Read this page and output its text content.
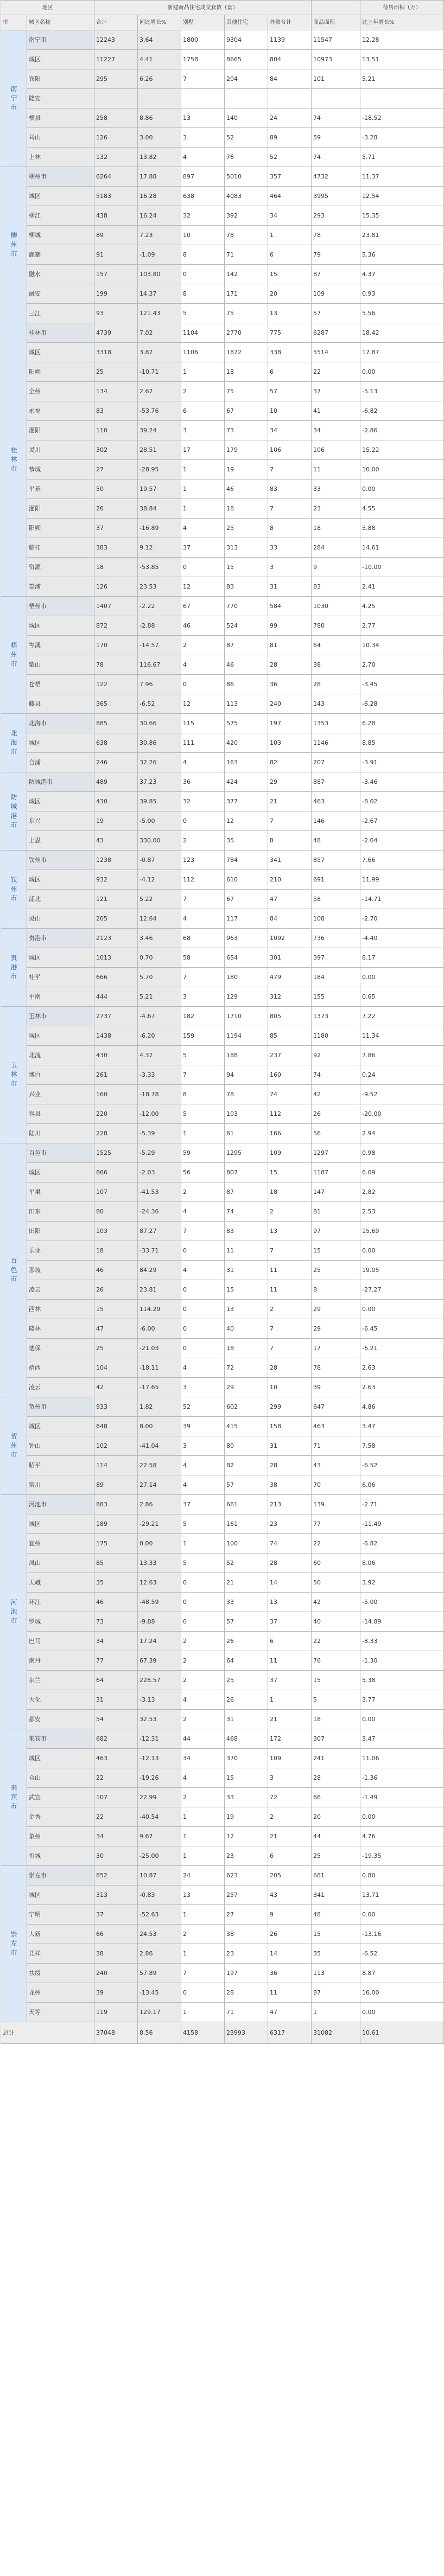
地区		新建商品住宅成交套数（套）						待售面积（万）
市	城区名称	合计	同比增长%	别墅	其他住宅	外省合计	商品面积	比上年增长%

南
宁
市	南宁市	12243	3.64	1800	9304	1139	11547	12.28
	城区	11227	4.41	1758	8665	804	10973	13.51
	宾阳	295	6.26	7	204	84	101	5.21
	隆安							
	横县	258	8.86	13	140	24	74	-18.52
	马山	126	3.00	3	52	89	59	-3.28
	上林	132	13.82	4	76	52	74	5.71

柳
州
市	柳州市	6264	17.88	897	5010	357	4732	11.37
	城区	5183	16.28	638	4083	464	3995	12.54
	柳江	438	16.24	32	392	34	293	15.35
	柳城	89	7.23	10	78	1	78	23.81
	鹿寨	91	-1.09	8	71	6	79	5.36
	融水	157	103.80	0	142	15	87	4.37
	融安	199	14.37	8	171	20	109	0.93
	三江	93	121.43	5	75	13	57	5.56

桂
林
市	桂林市	4739	7.02	1104	2770	775	6287	18.42
	城区	3318	3.87	1106	1872	338	5514	17.87
	阳朔	25	-10.71	1	18	6	22	0.00
	全州	134	2.67	2	75	57	37	-5.13
	永福	83	-53.76	6	67	10	41	-6.82
	灌阳	110	39.24	3	73	34	34	-2.86
	灵川	302	28.51	17	179	106	106	15.22
	恭城	27	-28.95	1	19	7	11	10.00
	平乐	50	19.57	1	46	83	33	0.00
	灌阳	26	38.84	1	18	7	23	4.55
	阳朔	37	-16.89	4	25	8	18	5.88
	临桂	383	9.12	37	313	33	284	14.61
	资源	18	-53.85	0	15	3	9	-10.00
	荔浦	126	23.53	12	83	31	83	2.41

梧
州
市	梧州市	1407	-2.22	67	770	584	1030	4.25
	城区	872	-2.88	46	524	99	780	2.77
	岑溪	170	-14.57	2	87	81	64	10.34
	蒙山	78	116.67	4	46	28	38	2.70
	苍梧	122	7.96	0	86	36	28	-3.45
	藤县	365	-6.52	12	113	240	143	-6.28

北
海
市	北海市	885	30.66	115	575	197	1353	6.28
	城区	638	30.86	111	420	103	1146	8.85
	合浦	246	32.26	4	163	82	207	-3.91

防
城
港
市	防城港市	489	37.23	36	424	29	887	-3.46
	城区	430	39.85	32	377	21	463	-8.02
	东兴	19	-5.00	0	12	7	146	-2.67
	上思	43	330.00	2	35	8	48	-2.04

钦
州
市	钦州市	1238	-0.87	123	784	341	857	7.66
	城区	932	-4.12	112	610	210	691	11.99
	浦北	121	5.22	7	67	47	58	-14.71
	灵山	205	12.64	4	117	84	108	-2.70

贵
港
市	贵港市	2123	3.46	68	963	1092	736	-4.40
	城区	1013	0.70	58	654	301	397	8.17
	桂平	666	5.70	7	180	479	184	0.00
	平南	444	5.21	3	129	312	155	0.65

玉
林
市	玉林市	2737	-4.67	182	1710	805	1373	7.22
	城区	1438	-6.20	159	1194	85	1180	11.34
	北流	430	4.37	5	188	237	92	7.86
	博白	261	-3.33	7	94	160	74	0.24
	兴业	160	-18.78	8	78	74	42	-9.52
	容县	220	-12.00	5	103	112	26	-20.00
	陆川	228	-5.39	1	61	166	56	2.94

百
色
市	百色市	1525	-5.29	59	1295	109	1297	0.98
	城区	866	-2.03	56	807	15	1187	6.09
	平果	107	-41.53	2	87	18	147	2.82
	田东	80	-24.36	4	74	2	81	2.53
	田阳	103	87.27	7	83	13	97	15.69
	乐业	18	-33.71	0	11	7	15	0.00
	那坡	46	84.29	4	31	11	25	19.05
	凌云	26	23.81	0	15	11	8	-27.27
	西林	15	114.29	0	13	2	29	0.00
	隆林	47	-6.00	0	40	7	29	-6.45
	德保	25	-21.03	0	18	7	17	-6.21
	靖西	104	-18.11	4	72	28	78	2.63
	凌云	42	-17.65	3	29	10	39	2.63

贺
州
市	贺州市	933	1.82	52	602	299	647	4.86
	城区	648	8.00	39	415	158	463	3.47
	钟山	102	-41.04	3	80	31	71	7.58
	昭平	114	22.58	4	82	28	43	-6.52
	富川	89	27.14	4	57	38	70	6.06

河
池
市	河池市	883	2.86	37	661	213	139	-2.71
	城区	189	-29.21	5	161	23	77	-11.49
	宜州	175	0.00	1	100	74	22	-6.82
	凤山	85	13.33	5	52	28	60	8.06
	天峨	35	12.63	0	21	14	50	3.92
	环江	46	-48.59	0	33	13	42	-5.00
	罗城	73	-9.88	0	57	37	40	-14.89
	巴马	34	17.24	2	26	6	22	-8.33
	南丹	77	67.39	2	64	11	76	-1.30
	东兰	64	228.57	2	25	37	15	5.38
	大化	31	-3.13	4	26	1	5	3.77
	都安	54	32.53	2	31	21	18	0.00

来
宾
市	来宾市	682	-12.31	44	468	172	307	3.47
	城区	463	-12.13	34	370	109	241	11.06
	合山	22	-19.26	4	15	3	28	-1.36
	武宣	107	22.99	2	33	72	66	-1.49
	金秀	22	-40.54	1	19	2	20	0.00
	象州	34	9.67	1	12	21	44	4.76
	忻城	30	-25.00	1	23	6	25	-19.35

崇
左
市	崇左市	852	10.87	24	623	205	681	0.80
	城区	313	-0.83	13	257	43	341	13.71
	宁明	37	-52.63	1	27	9	48	0.00
	大新	66	24.53	2	38	26	15	-13.16
	凭祥	38	2.86	1	23	14	35	-6.52
	扶绥	240	57.89	7	197	36	113	8.87
	龙州	39	-13.45	0	28	11	87	16.00
	天等	119	129.17	1	71	47	1	0.00
总计		37048	8.56	4158	23993	6317	31082	10.61
